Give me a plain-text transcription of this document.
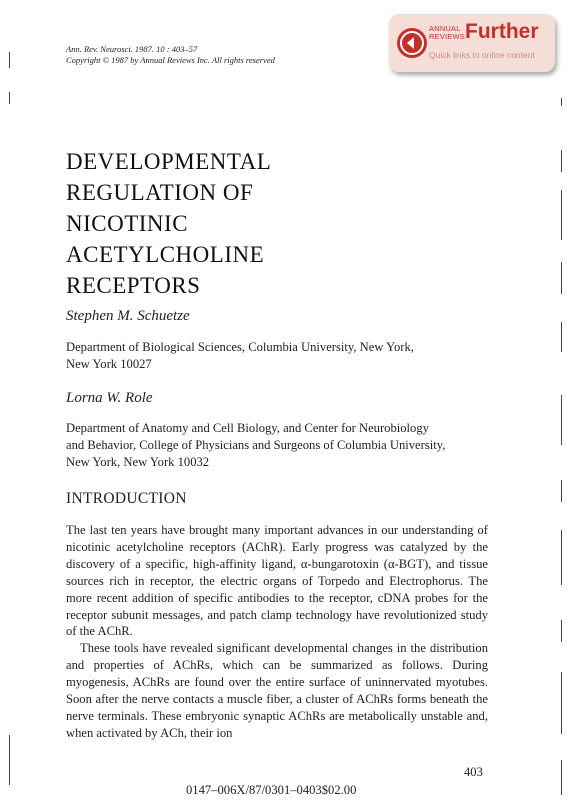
Ann. Rev. Neurosci. 1987. 10 : 403–57
Copyright © 1987 by Annual Reviews Inc. All rights reserved
ANNUAL
REVIEWS Further
Quick links to online content
DEVELOPMENTAL
REGULATION OF
NICOTINIC
ACETYLCHOLINE
RECEPTORS
Stephen M. Schuetze
Department of Biological Sciences, Columbia University, New York,
New York 10027
Lorna W. Role
Department of Anatomy and Cell Biology, and Center for Neurobiology
and Behavior, College of Physicians and Surgeons of Columbia University,
New York, New York 10032
INTRODUCTION
The last ten years have brought many important advances in our understanding of nicotinic acetylcholine receptors (AChR). Early progress was catalyzed by the discovery of a specific, high-affinity ligand, α-bungarotoxin (α-BGT), and tissue sources rich in receptor, the electric organs of Torpedo and Electrophorus. The more recent addition of specific antibodies to the receptor, cDNA probes for the receptor subunit messages, and patch clamp technology have revolutionized study of the AChR.
These tools have revealed significant developmental changes in the distribution and properties of AChRs, which can be summarized as follows. During myogenesis, AChRs are found over the entire surface of uninnervated myotubes. Soon after the nerve contacts a muscle fiber, a cluster of AChRs forms beneath the nerve terminals. These embryonic synaptic AChRs are metabolically unstable and, when activated by ACh, their ion
403
0147–006X/87/0301–0403$02.00
